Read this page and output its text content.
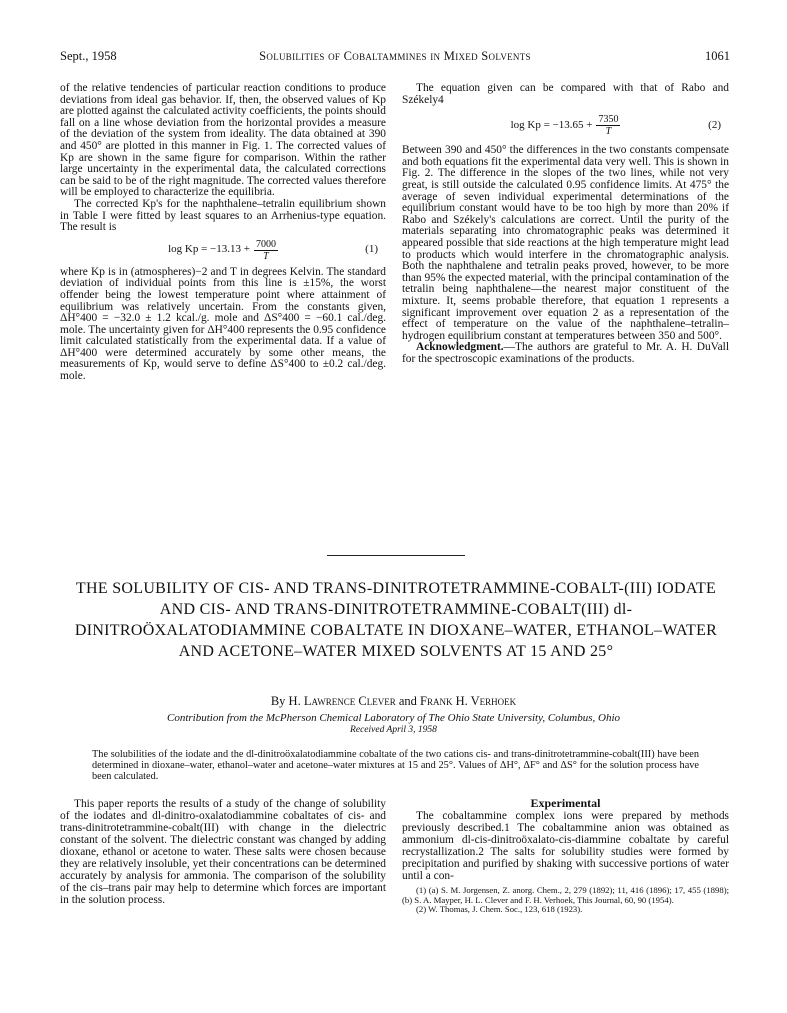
Sept., 1958	Solubilities of Cobaltammines in Mixed Solvents	1061

of the relative tendencies of particular reaction conditions to produce deviations from ideal gas behavior. If, then, the observed values of Kp are plotted against the calculated activity coefficients, the points should fall on a line whose deviation from the horizontal provides a measure of the deviation of the system from ideality. The data obtained at 390 and 450° are plotted in this manner in Fig. 1. The corrected values of Kp are shown in the same figure for comparison. Within the rather large uncertainty in the experimental data, the calculated corrections can be said to be of the right magnitude. The corrected values therefore will be employed to characterize the equilibria.

The corrected Kp's for the naphthalene–tetralin equilibrium shown in Table I were fitted by least squares to an Arrhenius-type equation. The result is

$\log Kp = -13.13 + \frac{7000}{T}$	(1)

where Kp is in (atmospheres)−2 and T in degrees Kelvin. The standard deviation of individual points from this line is ±15%, the worst offender being the lowest temperature point where attainment of equilibrium was relatively uncertain. From the constants given, ΔH°400 = −32.0 ± 1.2 kcal./g. mole and ΔS°400 = −60.1 cal./deg. mole. The uncertainty given for ΔH°400 represents the 0.95 confidence limit calculated statistically from the experimental data. If a value of ΔH°400 were determined accurately by some other means, the measurements of Kp, would serve to define ΔS°400 to ±0.2 cal./deg. mole.

The equation given can be compared with that of Rabo and Székely4

$\log Kp = -13.65 + \frac{7350}{T}$	(2)

Between 390 and 450° the differences in the two constants compensate and both equations fit the experimental data very well. This is shown in Fig. 2. The difference in the slopes of the two lines, while not very great, is still outside the calculated 0.95 confidence limits. At 475° the average of seven individual experimental determinations of the equilibrium constant would have to be too high by more than 20% if Rabo and Székely's calculations are correct. Until the purity of the materials separating into chromatographic peaks was determined it appeared possible that side reactions at the high temperature might lead to products which would interfere in the chromatographic analysis. Both the naphthalene and tetralin peaks proved, however, to be more than 95% the expected material, with the principal contamination of the tetralin being naphthalene—the nearest major constituent of the mixture. It, seems probable therefore, that equation 1 represents a significant improvement over equation 2 as a representation of the effect of temperature on the value of the naphthalene–tetralin–hydrogen equilibrium constant at temperatures between 350 and 500°.

Acknowledgment.—The authors are grateful to Mr. A. H. DuVall for the spectroscopic examinations of the products.

THE SOLUBILITY OF CIS- AND TRANS-DINITROTETRAMMINE-COBALT-(III) IODATE AND CIS- AND TRANS-DINITROTETRAMMINE-COBALT(III) dl-DINITROÖXALATODIAMMINE COBALTATE IN DIOXANE–WATER, ETHANOL–WATER AND ACETONE–WATER MIXED SOLVENTS AT 15 AND 25°
By H. Lawrence Clever and Frank H. Verhoek
Contribution from the McPherson Chemical Laboratory of The Ohio State University, Columbus, Ohio
Received April 3, 1958
The solubilities of the iodate and the dl-dinitroöxalatodiammine cobaltate of the two cations cis- and trans-dinitrotetrammine-cobalt(III) have been determined in dioxane–water, ethanol–water and acetone–water mixtures at 15 and 25°. Values of ΔH°, ΔF° and ΔS° for the solution process have been calculated.

This paper reports the results of a study of the change of solubility of the iodates and dl-dinitro-oxalatodiammine cobaltates of cis- and trans-dinitrotetrammine-cobalt(III) with change in the dielectric constant of the solvent. The dielectric constant was changed by adding dioxane, ethanol or acetone to water. These salts were chosen because they are relatively insoluble, yet their concentrations can be determined accurately by analysis for ammonia. The comparison of the solubility of the cis–trans pair may help to determine which forces are important in the solution process.

Experimental

The cobaltammine complex ions were prepared by methods previously described.1 The cobaltammine anion was obtained as ammonium dl-cis-dinitroöxalato-cis-diammine cobaltate by careful recrystallization.2 The salts for solubility studies were formed by precipitation and purified by shaking with successive portions of water until a con-

(1) (a) S. M. Jorgensen, Z. anorg. Chem., 2, 279 (1892); 11, 416 (1896); 17, 455 (1898); (b) S. A. Mayper, H. L. Clever and F. H. Verhoek, This Journal, 60, 90 (1954).

(2) W. Thomas, J. Chem. Soc., 123, 618 (1923).
